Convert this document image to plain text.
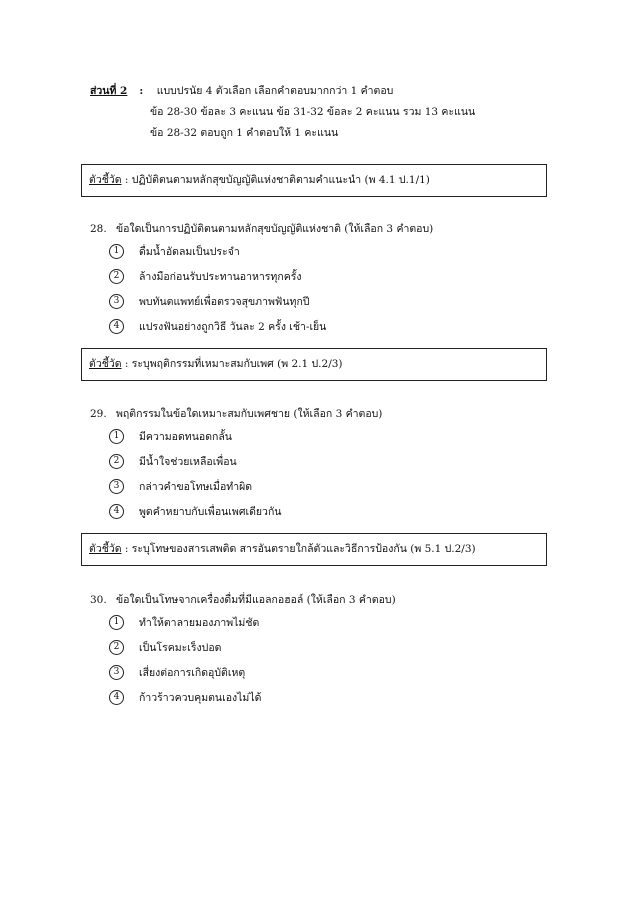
ส่วนที่ 2 : แบบปรนัย 4 ตัวเลือก เลือกคำตอบมากกว่า 1 คำตอบ
ข้อ 28-30 ข้อละ 3 คะแนน ข้อ 31-32 ข้อละ 2 คะแนน รวม 13 คะแนน
ข้อ 28-32 ตอบถูก 1 คำตอบให้ 1 คะแนน
ตัวชี้วัด : ปฏิบัติตนตามหลักสุขบัญญัติแห่งชาติตามคำแนะนำ (พ 4.1 ป.1/1)
28. ข้อใดเป็นการปฏิบัติตนตามหลักสุขบัญญัติแห่งชาติ (ให้เลือก 3 คำตอบ)
1 ดื่มน้ำอัดลมเป็นประจำ
2 ล้างมือก่อนรับประทานอาหารทุกครั้ง
3 พบทันตแพทย์เพื่อตรวจสุขภาพฟันทุกปี
4 แปรงฟันอย่างถูกวิธี วันละ 2 ครั้ง เช้า-เย็น
ตัวชี้วัด : ระบุพฤติกรรมที่เหมาะสมกับเพศ (พ 2.1 ป.2/3)
29. พฤติกรรมในข้อใดเหมาะสมกับเพศชาย (ให้เลือก 3 คำตอบ)
1 มีความอดทนอดกลั้น
2 มีน้ำใจช่วยเหลือเพื่อน
3 กล่าวคำขอโทษเมื่อทำผิด
4 พูดคำหยาบกับเพื่อนเพศเดียวกัน
ตัวชี้วัด : ระบุโทษของสารเสพติด สารอันตรายใกล้ตัวและวิธีการป้องกัน (พ 5.1 ป.2/3)
30. ข้อใดเป็นโทษจากเครื่องดื่มที่มีแอลกอฮอล์ (ให้เลือก 3 คำตอบ)
1 ทำให้ตาลายมองภาพไม่ชัด
2 เป็นโรคมะเร็งปอด
3 เสี่ยงต่อการเกิดอุบัติเหตุ
4 ก้าวร้าวควบคุมตนเองไม่ได้
